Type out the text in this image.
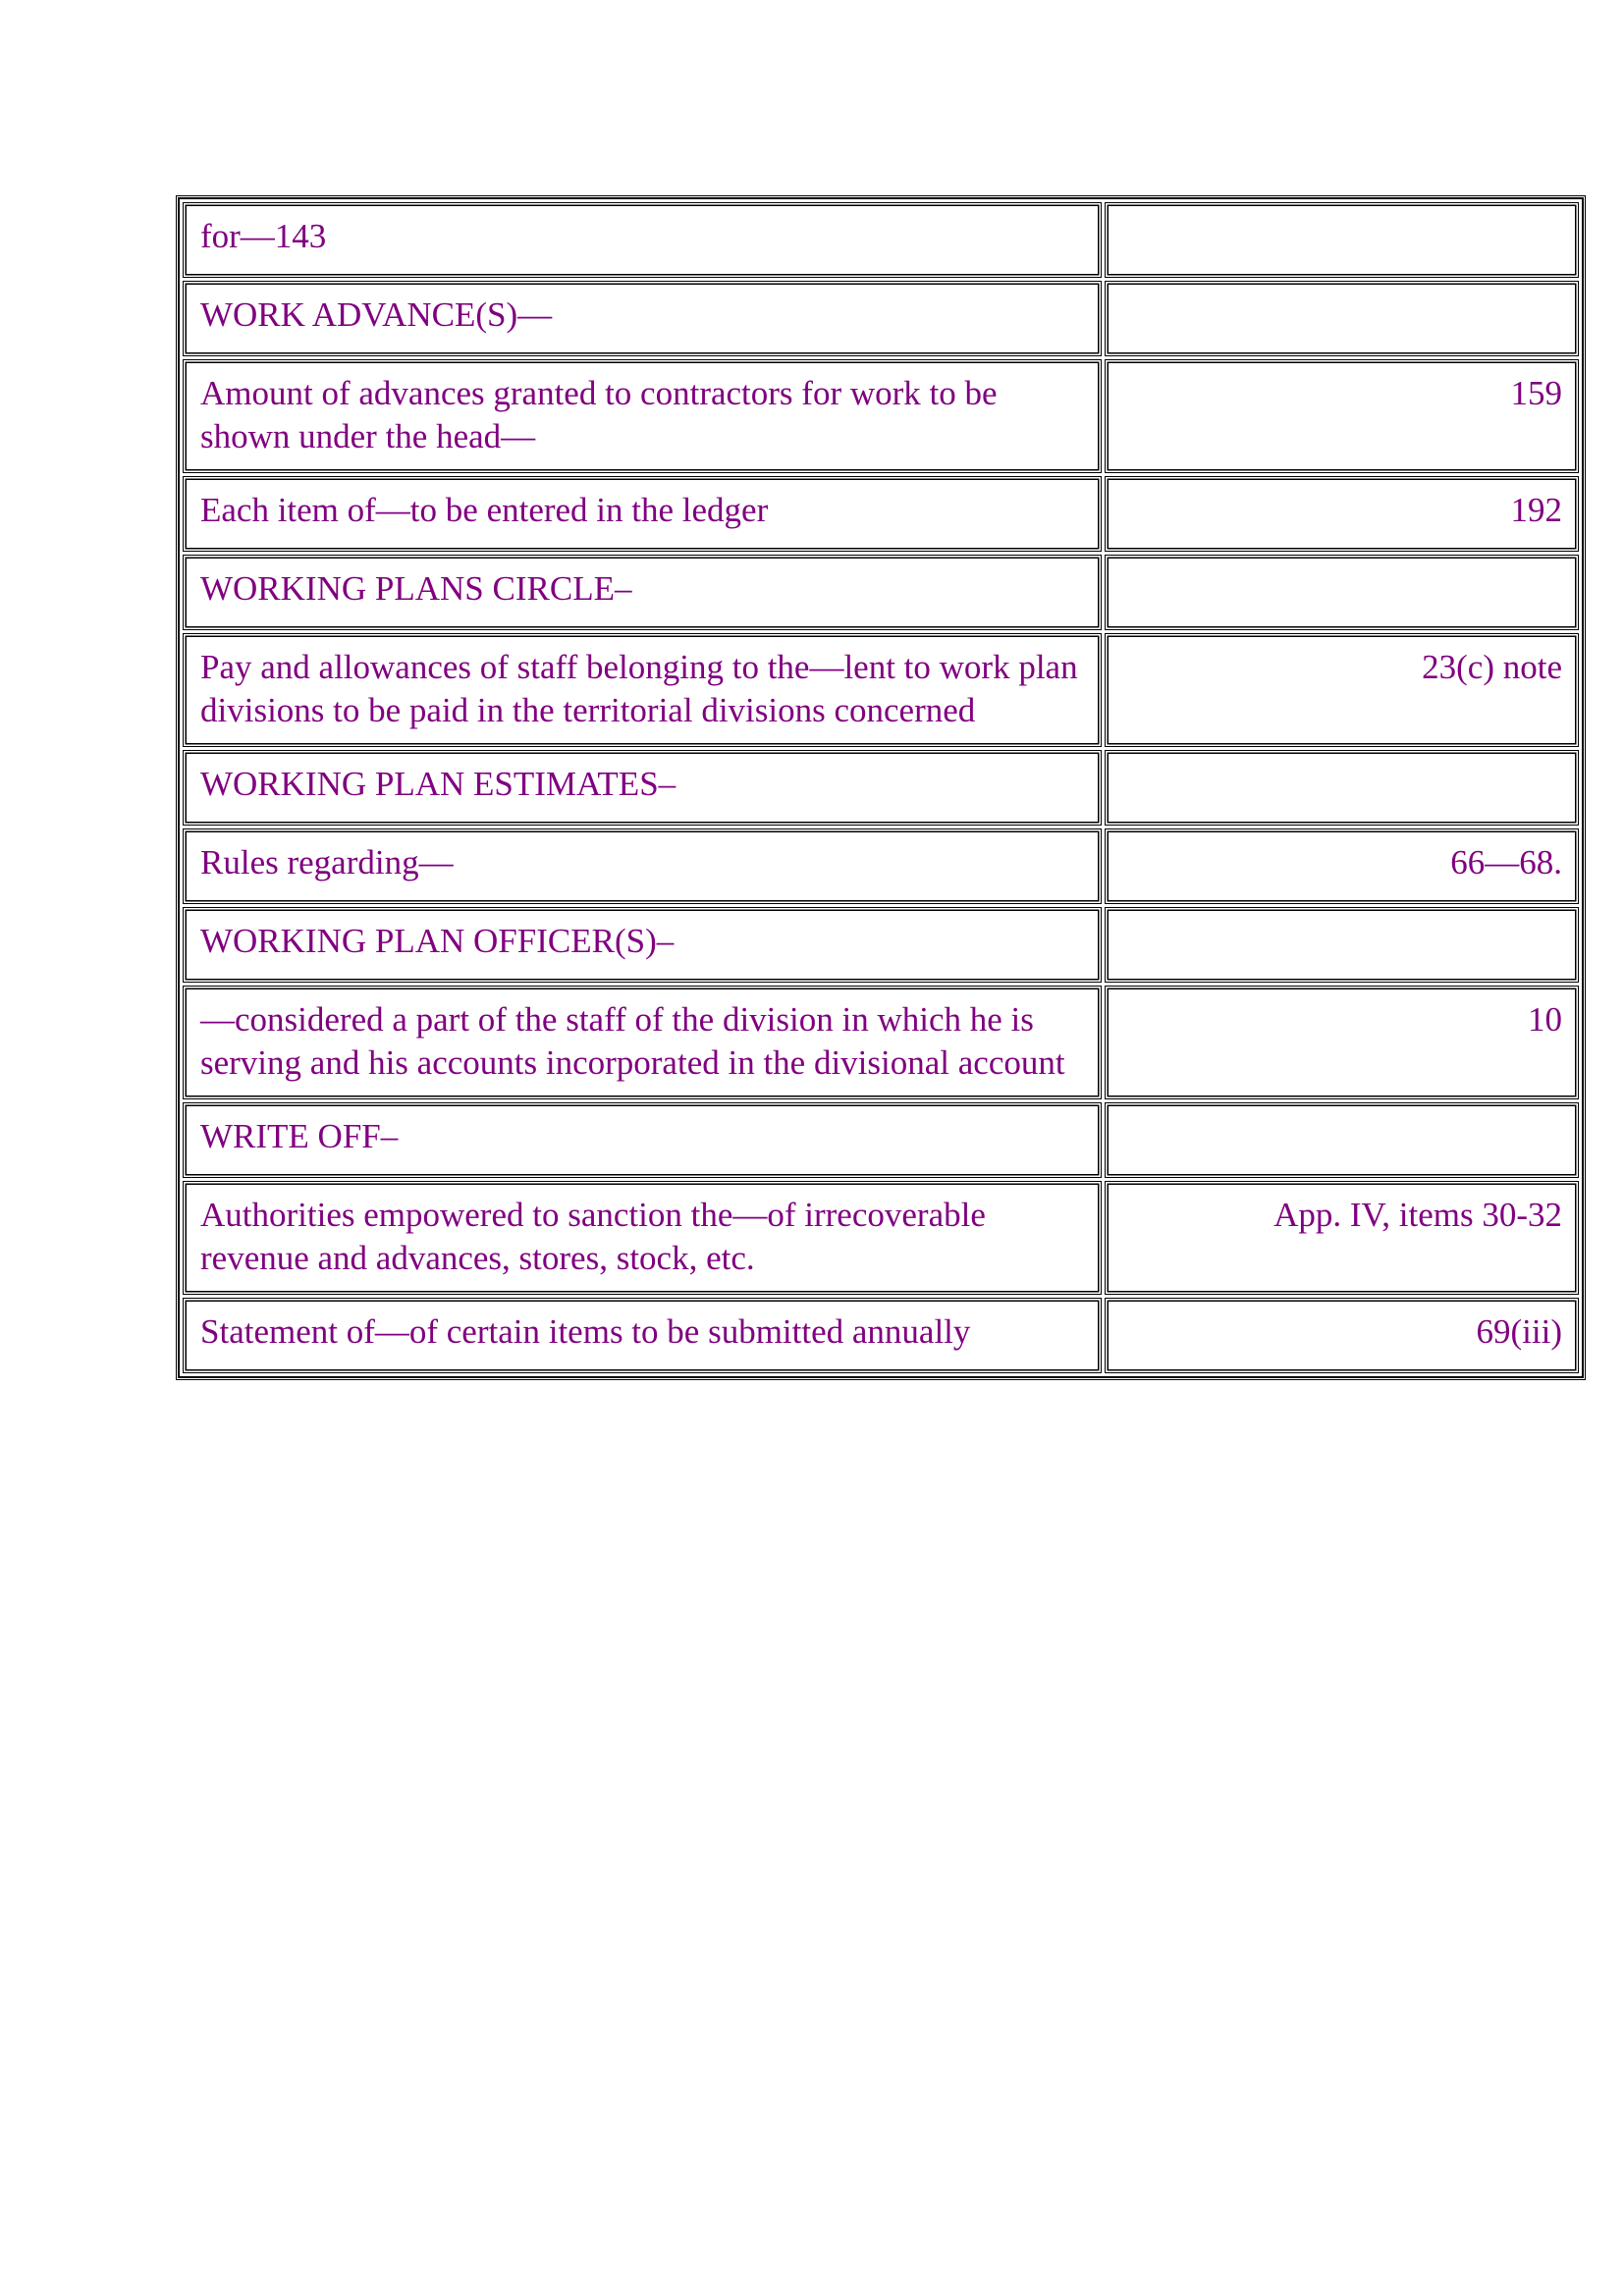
for—143	
WORK ADVANCE(S)—	
Amount of advances granted to contractors for work to be shown under the head—	159
Each item of—to be entered in the ledger	192
WORKING PLANS CIRCLE–	
Pay and allowances of staff belonging to the—lent to work plan divisions to be paid in the territorial divisions concerned	23(c) note
WORKING PLAN ESTIMATES–	
Rules regarding—	66—68.
WORKING PLAN OFFICER(S)–	
—considered a part of the staff of the division in which he is serving and his accounts incorporated in the divisional account	10
WRITE OFF–	
Authorities empowered to sanction the—of irrecoverable revenue and advances, stores, stock, etc.	App. IV, items 30-32
Statement of—of certain items to be submitted annually	69(iii)
